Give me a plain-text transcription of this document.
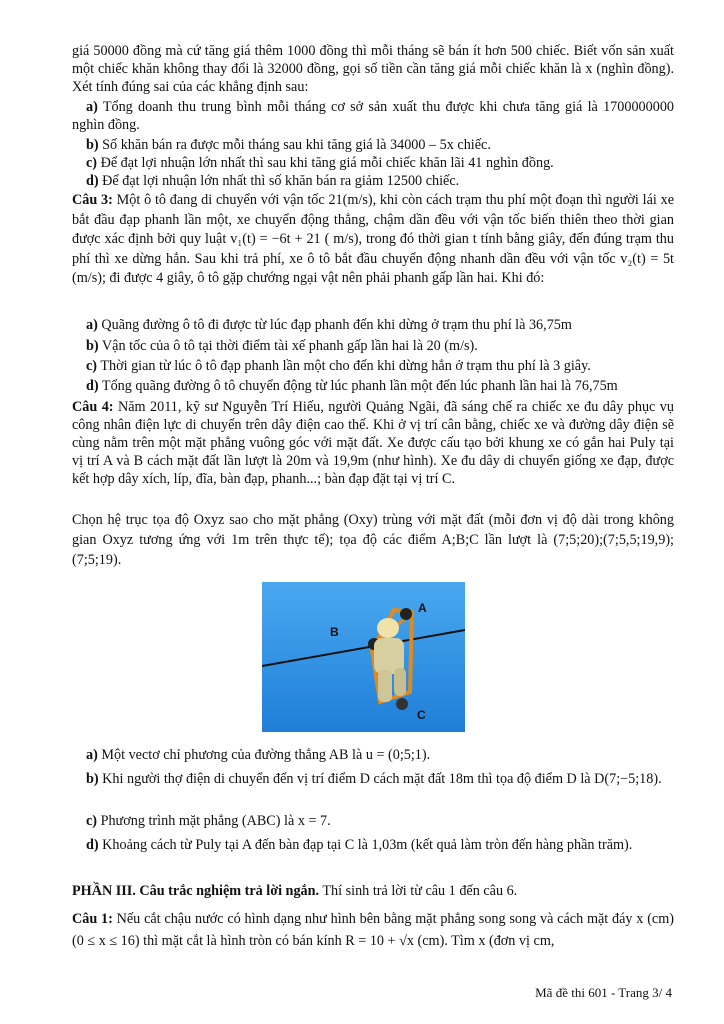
giá 50000 đồng mà cứ tăng giá thêm 1000 đồng thì mỗi tháng sẽ bán ít hơn 500 chiếc. Biết vốn sản xuất một chiếc khăn không thay đổi là 32000 đồng, gọi số tiền cần tăng giá mỗi chiếc khăn là x (nghìn đồng). Xét tính đúng sai của các khẳng định sau:

a) Tổng doanh thu trung bình mỗi tháng cơ sở sản xuất thu được khi chưa tăng giá là 1700000000 nghìn đồng.

b) Số khăn bán ra được mỗi tháng sau khi tăng giá là 34000 – 5x chiếc.

c) Để đạt lợi nhuận lớn nhất thì sau khi tăng giá mỗi chiếc khăn lãi 41 nghìn đồng.

d) Để đạt lợi nhuận lớn nhất thì số khăn bán ra giảm 12500 chiếc.

Câu 3: Một ô tô đang di chuyển với vận tốc 21(m/s), khi còn cách trạm thu phí một đoạn thì người lái xe bắt đầu đạp phanh lần một, xe chuyển động thẳng, chậm dần đều với vận tốc biến thiên theo thời gian được xác định bởi quy luật v₁(t) = −6t + 21 ( m/s), trong đó thời gian t tính bằng giây, đến đúng trạm thu phí thì xe dừng hẳn. Sau khi trả phí, xe ô tô bắt đầu chuyển động nhanh dần đều với vận tốc v₂(t) = 5t (m/s); đi được 4 giây, ô tô gặp chướng ngại vật nên phải phanh gấp lần hai. Khi đó:

a) Quãng đường ô tô đi được từ lúc đạp phanh đến khi dừng ở trạm thu phí là 36,75m

b) Vận tốc của ô tô tại thời điểm tài xế phanh gấp lần hai là 20 (m/s).

c) Thời gian từ lúc ô tô đạp phanh lần một cho đến khi dừng hẳn ở trạm thu phí là 3 giây.

d) Tổng quãng đường ô tô chuyển động từ lúc phanh lần một đến lúc phanh lần hai là 76,75m

Câu 4: Năm 2011, kỹ sư Nguyễn Trí Hiếu, người Quảng Ngãi, đã sáng chế ra chiếc xe đu dây phục vụ công nhân điện lực di chuyển trên dây điện cao thế. Khi ở vị trí cân bằng, chiếc xe và đường dây điện sẽ cùng nằm trên một mặt phẳng vuông góc với mặt đất. Xe được cấu tạo bởi khung xe có gắn hai Puly tại vị trí A và B cách mặt đất lần lượt là 20m và 19,9m (như hình). Xe đu dây di chuyển giống xe đạp, được kết hợp dây xích, líp, đĩa, bàn đạp, phanh...; bàn đạp đặt tại vị trí C.

Chọn hệ trục tọa độ Oxyz sao cho mặt phẳng (Oxy) trùng với mặt đất (mỗi đơn vị độ dài trong không gian Oxyz tương ứng với 1m trên thực tế); tọa độ các điểm A;B;C lần lượt là (7;5;20);(7;5,5;19,9);(7;5;19).

A
B
C

a) Một vectơ chỉ phương của đường thẳng AB là u = (0;5;1).

b) Khi người thợ điện di chuyển đến vị trí điểm D cách mặt đất 18m thì tọa độ điểm D là D(7;−5;18).

c) Phương trình mặt phẳng (ABC) là x = 7.

d) Khoảng cách từ Puly tại A đến bàn đạp tại C là 1,03m (kết quả làm tròn đến hàng phần trăm).

PHẦN III. Câu trắc nghiệm trả lời ngắn. Thí sinh trả lời từ câu 1 đến câu 6.

Câu 1: Nếu cắt chậu nước có hình dạng như hình bên bằng mặt phẳng song song và cách mặt đáy x (cm) (0 ≤ x ≤ 16) thì mặt cắt là hình tròn có bán kính R = 10 + √x (cm). Tìm x (đơn vị cm,

Mã đề thi 601 - Trang 3/ 4
